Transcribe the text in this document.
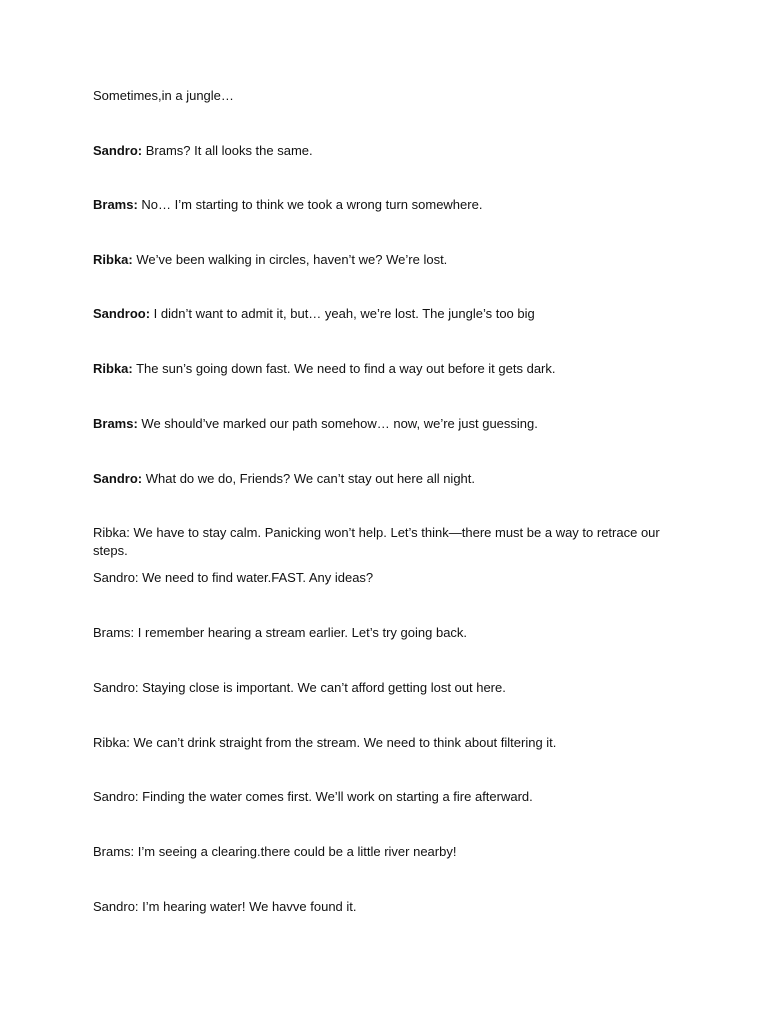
Sometimes,in a jungle…
Sandro: Brams? It all looks the same.
Brams: No… I’m starting to think we took a wrong turn somewhere.
Ribka: We’ve been walking in circles, haven’t we? We’re lost.
Sandroo: I didn’t want to admit it, but… yeah, we’re lost. The jungle’s too big
Ribka: The sun’s going down fast. We need to find a way out before it gets dark.
Brams: We should’ve marked our path somehow… now, we’re just guessing.
Sandro: What do we do, Friends? We can’t stay out here all night.
Ribka: We have to stay calm. Panicking won’t help. Let’s think—there must be a way to retrace our steps.
Sandro: We need to find water.FAST. Any ideas?
Brams: I remember hearing a stream earlier. Let’s try going back.
Sandro: Staying close is important. We can’t afford getting lost out here.
Ribka: We can’t drink straight from the stream. We need to think about filtering it.
Sandro: Finding the water comes first. We’ll work on starting a fire afterward.
Brams: I’m seeing a clearing.there could be a little river nearby!
Sandro: I’m hearing water! We havve found it.
